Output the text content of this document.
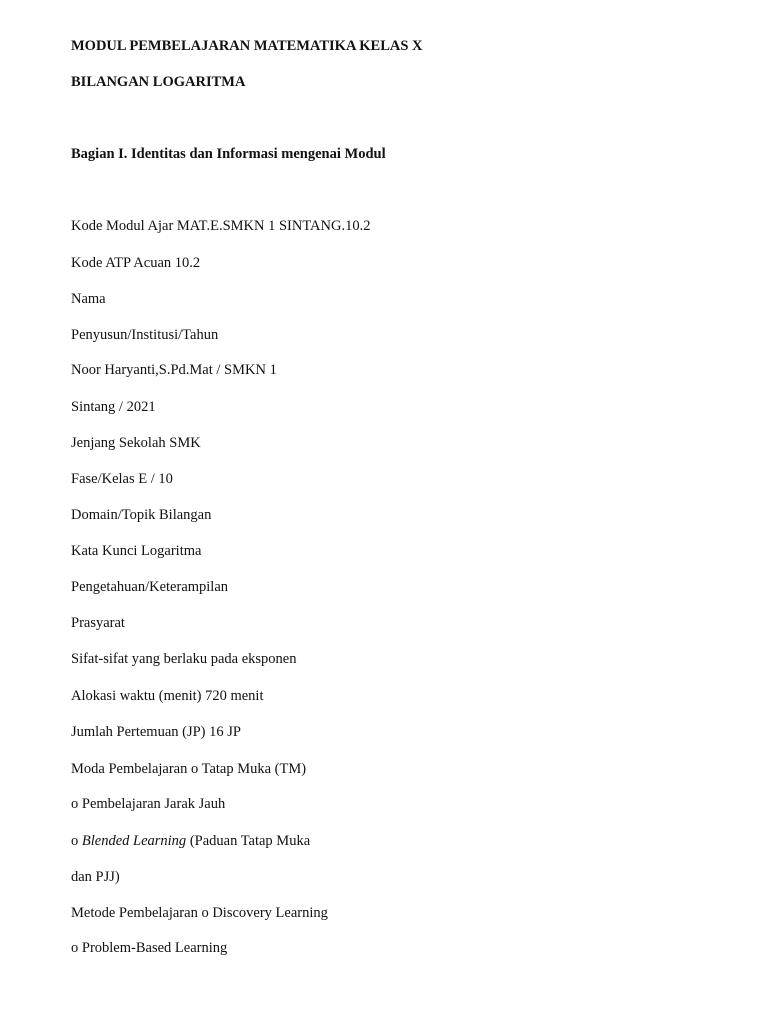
MODUL PEMBELAJARAN MATEMATIKA KELAS X

BILANGAN LOGARITMA

Bagian I. Identitas dan Informasi mengenai Modul

Kode Modul Ajar MAT.E.SMKN 1 SINTANG.10.2

Kode ATP Acuan 10.2

Nama

Penyusun/Institusi/Tahun

Noor Haryanti,S.Pd.Mat / SMKN 1

Sintang / 2021

Jenjang Sekolah SMK

Fase/Kelas E / 10

Domain/Topik Bilangan

Kata Kunci Logaritma

Pengetahuan/Keterampilan

Prasyarat

Sifat-sifat yang berlaku pada eksponen

Alokasi waktu (menit) 720 menit

Jumlah Pertemuan (JP) 16 JP

Moda Pembelajaran o Tatap Muka (TM)

o Pembelajaran Jarak Jauh

o Blended Learning (Paduan Tatap Muka

dan PJJ)

Metode Pembelajaran o Discovery Learning

o Problem-Based Learning
